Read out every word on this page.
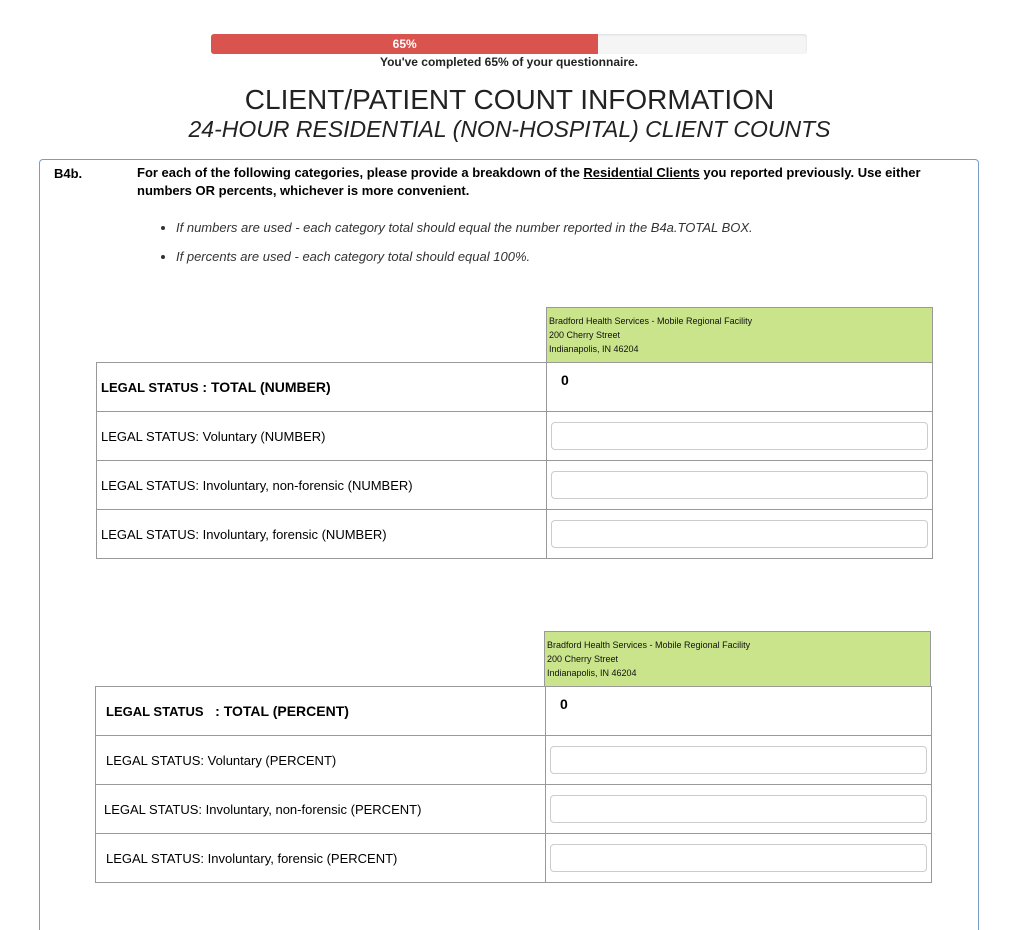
65%
You've completed 65% of your questionnaire.
CLIENT/PATIENT COUNT INFORMATION
24-HOUR RESIDENTIAL (NON-HOSPITAL) CLIENT COUNTS
B4b.	For each of the following categories, please provide a breakdown of the Residential Clients you reported previously. Use either numbers OR percents, whichever is more convenient.
• If numbers are used - each category total should equal the number reported in the B4a.TOTAL BOX.
• If percents are used - each category total should equal 100%.
Bradford Health Services - Mobile Regional Facility
200 Cherry Street
Indianapolis, IN 46204
LEGAL STATUS : TOTAL (NUMBER)	0
LEGAL STATUS: Voluntary (NUMBER)	

LEGAL STATUS: Involuntary, non-forensic (NUMBER)	

LEGAL STATUS: Involuntary, forensic (NUMBER)	
Bradford Health Services - Mobile Regional Facility
200 Cherry Street
Indianapolis, IN 46204
LEGAL STATUS : TOTAL (PERCENT)	0
LEGAL STATUS: Voluntary (PERCENT)	

LEGAL STATUS: Involuntary, non-forensic (PERCENT)	

LEGAL STATUS: Involuntary, forensic (PERCENT)	
